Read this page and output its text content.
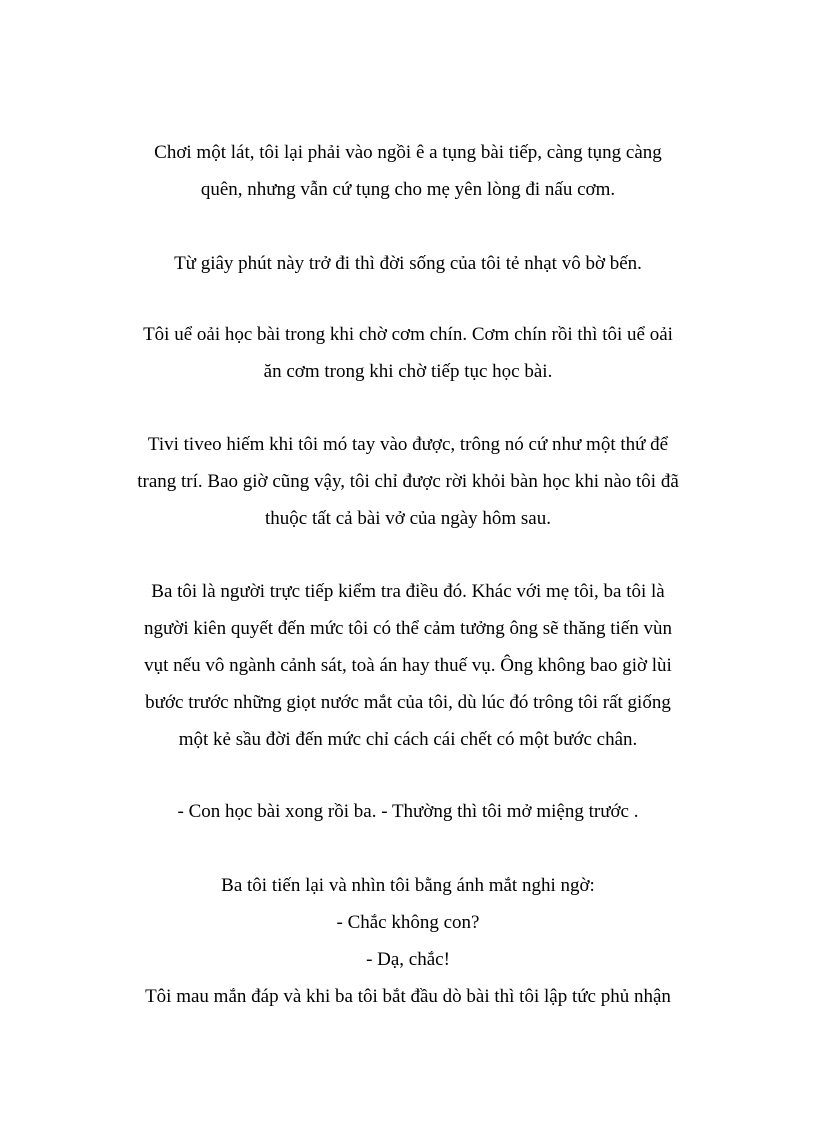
Chơi một lát, tôi lại phải vào ngồi ê a tụng bài tiếp, càng tụng càng
quên, nhưng vẫn cứ tụng cho mẹ yên lòng đi nấu cơm.
Từ giây phút này trở đi thì đời sống của tôi tẻ nhạt vô bờ bến.
Tôi uể oải học bài trong khi chờ cơm chín. Cơm chín rồi thì tôi uể oải
ăn cơm trong khi chờ tiếp tục học bài.
Tivi tiveo hiếm khi tôi mó tay vào được, trông nó cứ như một thứ để
trang trí. Bao giờ cũng vậy, tôi chỉ được rời khỏi bàn học khi nào tôi đã
thuộc tất cả bài vở của ngày hôm sau.
Ba tôi là người trực tiếp kiểm tra điều đó. Khác với mẹ tôi, ba tôi là
người kiên quyết đến mức tôi có thể cảm tưởng ông sẽ thăng tiến vùn
vụt nếu vô ngành cảnh sát, toà án hay thuế vụ. Ông không bao giờ lùi
bước trước những giọt nước mắt của tôi, dù lúc đó trông tôi rất giống
một kẻ sầu đời đến mức chỉ cách cái chết có một bước chân.
- Con học bài xong rồi ba. - Thường thì tôi mở miệng trước .
Ba tôi tiến lại và nhìn tôi bằng ánh mắt nghi ngờ:
- Chắc không con?
- Dạ, chắc!
Tôi mau mắn đáp và khi ba tôi bắt đầu dò bài thì tôi lập tức phủ nhận
